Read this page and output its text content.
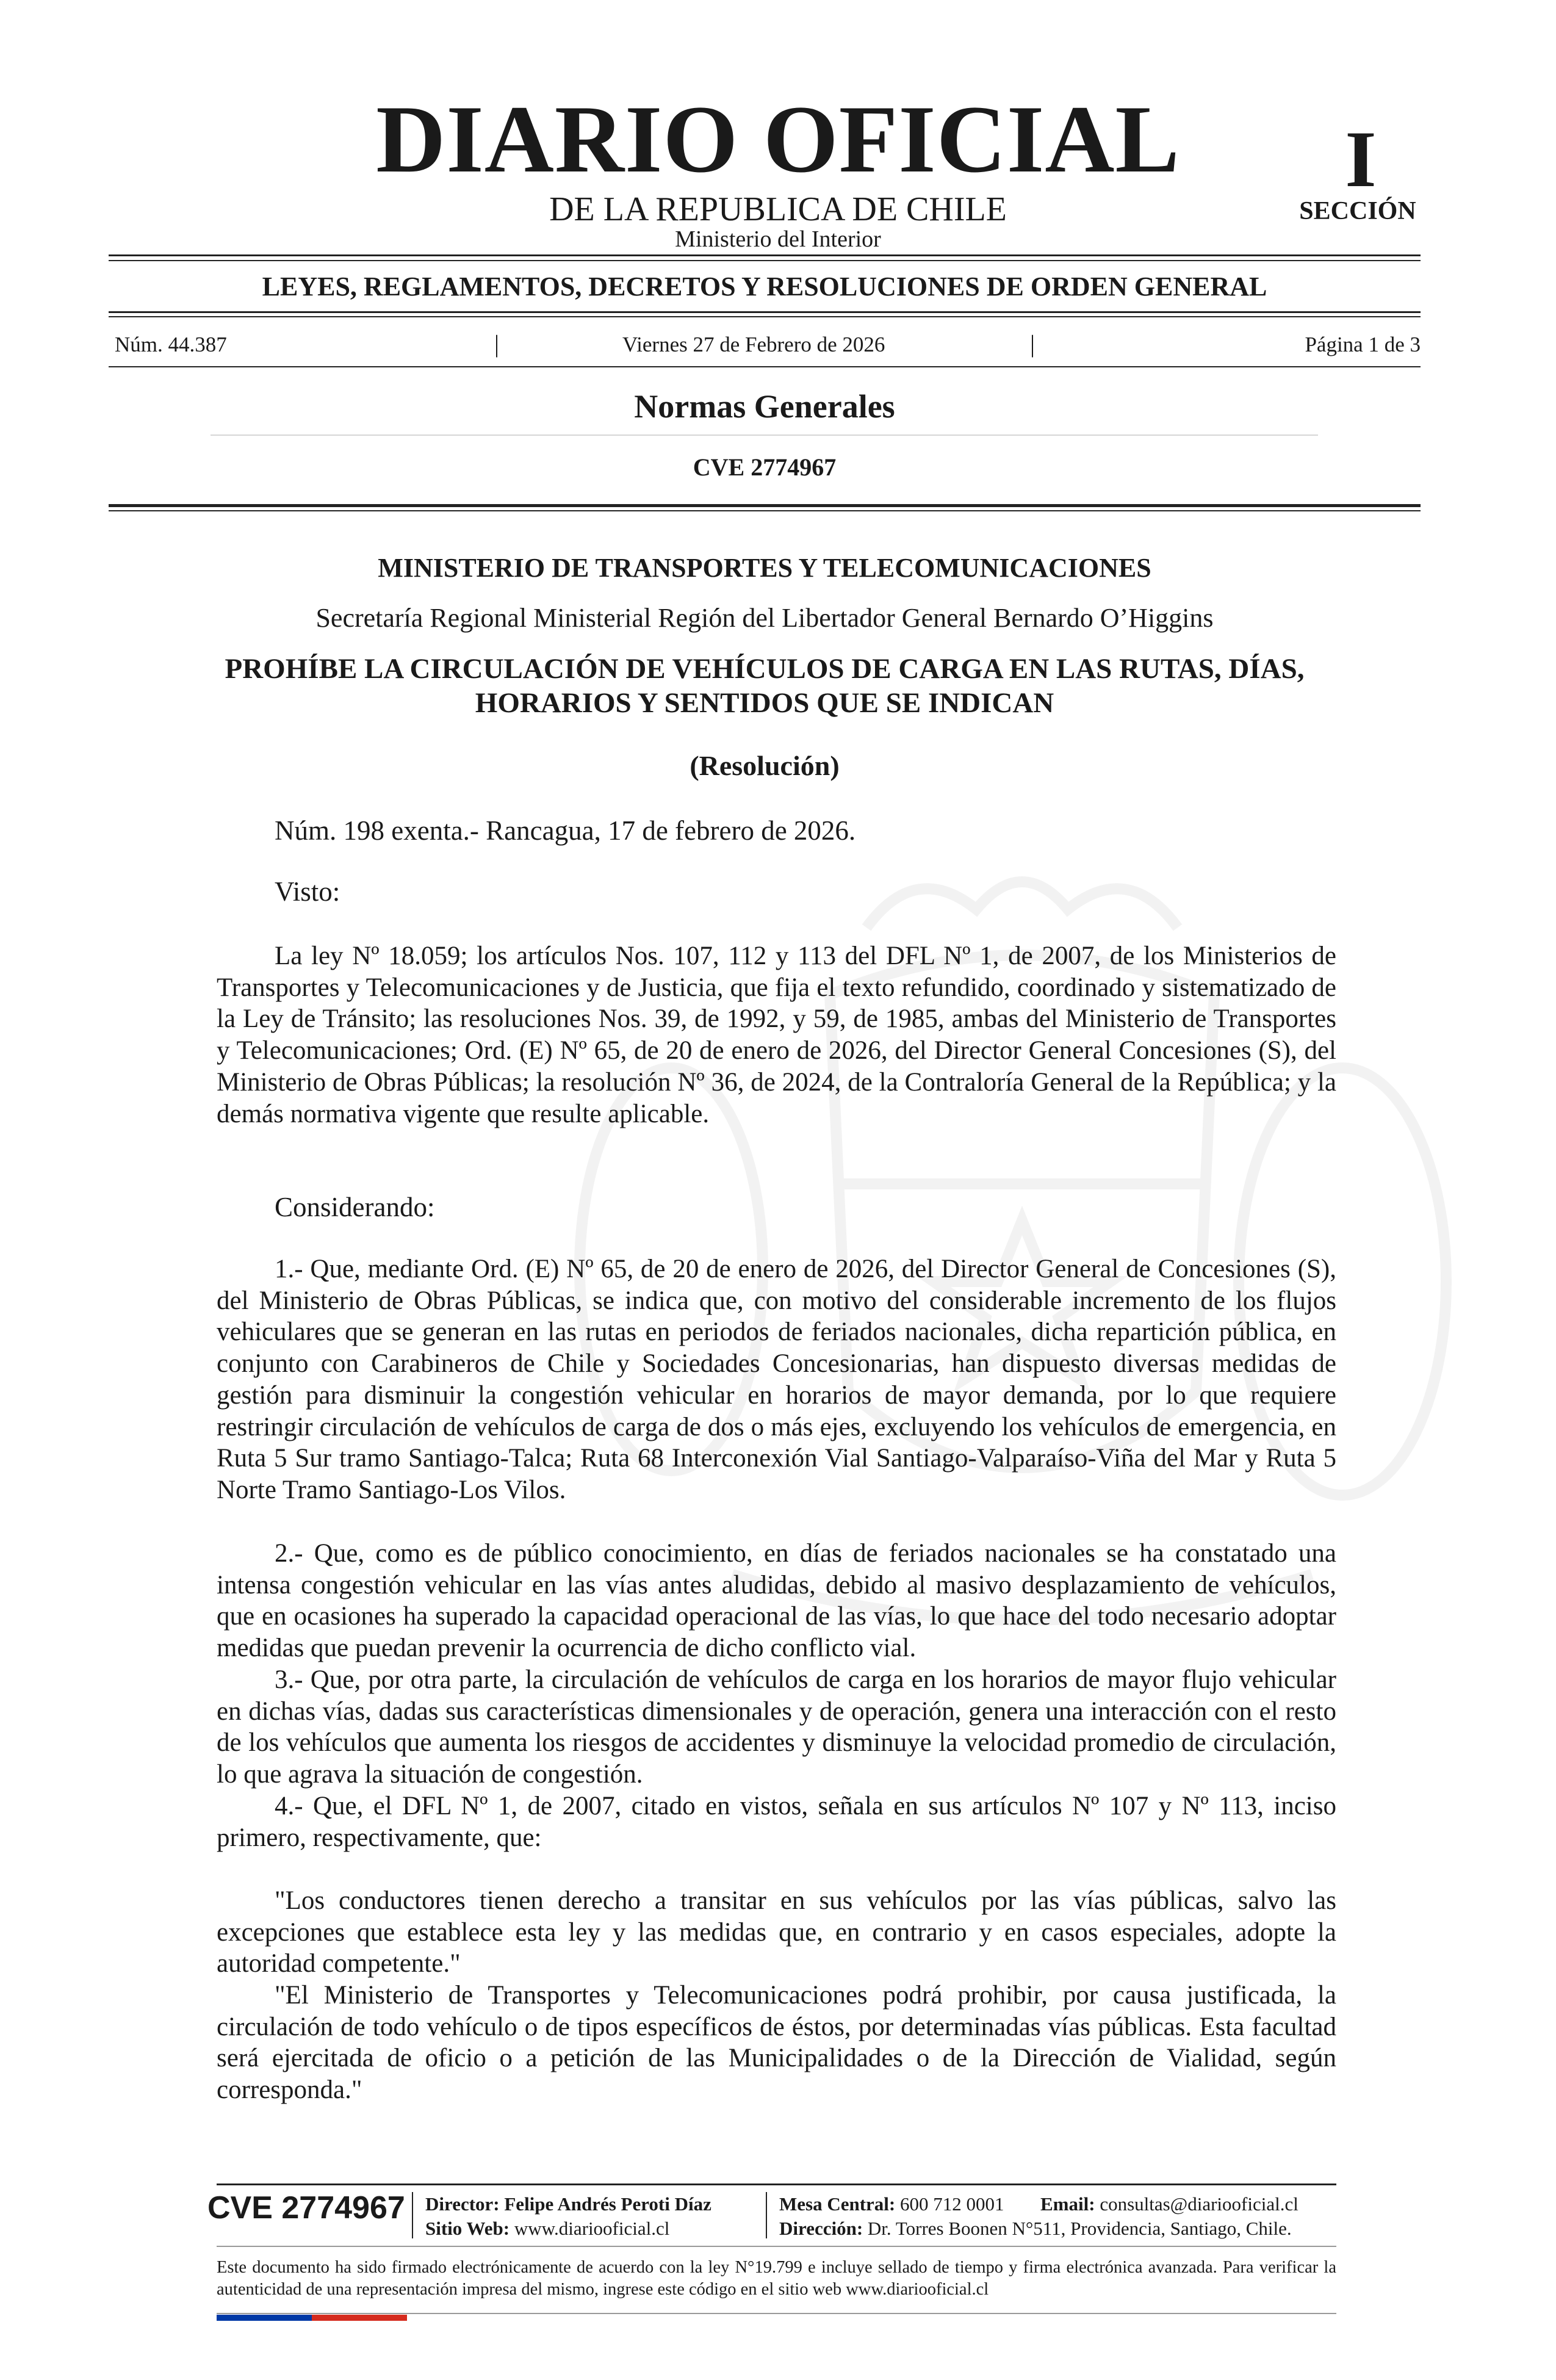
DIARIO OFICIAL
DE LA REPUBLICA DE CHILE
Ministerio del Interior
I
SECCIÓN
LEYES, REGLAMENTOS, DECRETOS Y RESOLUCIONES DE ORDEN GENERAL
Núm. 44.387	|	Viernes 27 de Febrero de 2026	|	Página 1 de 3
Normas Generales
CVE 2774967
MINISTERIO DE TRANSPORTES Y TELECOMUNICACIONES
Secretaría Regional Ministerial Región del Libertador General Bernardo O’Higgins
PROHÍBE LA CIRCULACIÓN DE VEHÍCULOS DE CARGA EN LAS RUTAS, DÍAS,
HORARIOS Y SENTIDOS QUE SE INDICAN
(Resolución)
Núm. 198 exenta.- Rancagua, 17 de febrero de 2026.
Visto:
La ley Nº 18.059; los artículos Nos. 107, 112 y 113 del DFL Nº 1, de 2007, de los Ministerios de Transportes y Telecomunicaciones y de Justicia, que fija el texto refundido, coordinado y sistematizado de la Ley de Tránsito; las resoluciones Nos. 39, de 1992, y 59, de 1985, ambas del Ministerio de Transportes y Telecomunicaciones; Ord. (E) Nº 65, de 20 de enero de 2026, del Director General Concesiones (S), del Ministerio de Obras Públicas; la resolución Nº 36, de 2024, de la Contraloría General de la República; y la demás normativa vigente que resulte aplicable.
Considerando:
1.- Que, mediante Ord. (E) Nº 65, de 20 de enero de 2026, del Director General de Concesiones (S), del Ministerio de Obras Públicas, se indica que, con motivo del considerable incremento de los flujos vehiculares que se generan en las rutas en periodos de feriados nacionales, dicha repartición pública, en conjunto con Carabineros de Chile y Sociedades Concesionarias, han dispuesto diversas medidas de gestión para disminuir la congestión vehicular en horarios de mayor demanda, por lo que requiere restringir circulación de vehículos de carga de dos o más ejes, excluyendo los vehículos de emergencia, en Ruta 5 Sur tramo Santiago-Talca; Ruta 68 Interconexión Vial Santiago-Valparaíso-Viña del Mar y Ruta 5 Norte Tramo Santiago-Los Vilos.
2.- Que, como es de público conocimiento, en días de feriados nacionales se ha constatado una intensa congestión vehicular en las vías antes aludidas, debido al masivo desplazamiento de vehículos, que en ocasiones ha superado la capacidad operacional de las vías, lo que hace del todo necesario adoptar medidas que puedan prevenir la ocurrencia de dicho conflicto vial.
3.- Que, por otra parte, la circulación de vehículos de carga en los horarios de mayor flujo vehicular en dichas vías, dadas sus características dimensionales y de operación, genera una interacción con el resto de los vehículos que aumenta los riesgos de accidentes y disminuye la velocidad promedio de circulación, lo que agrava la situación de congestión.
4.- Que, el DFL Nº 1, de 2007, citado en vistos, señala en sus artículos Nº 107 y Nº 113, inciso primero, respectivamente, que:
"Los conductores tienen derecho a transitar en sus vehículos por las vías públicas, salvo las excepciones que establece esta ley y las medidas que, en contrario y en casos especiales, adopte la autoridad competente."
"El Ministerio de Transportes y Telecomunicaciones podrá prohibir, por causa justificada, la circulación de todo vehículo o de tipos específicos de éstos, por determinadas vías públicas. Esta facultad será ejercitada de oficio o a petición de las Municipalidades o de la Dirección de Vialidad, según corresponda."
CVE 2774967 Director: Felipe Andrés Peroti Díaz
Sitio Web: www.diariooficial.cl
Mesa Central: 600 712 0001 Email: consultas@diariooficial.cl
Dirección: Dr. Torres Boonen N°511, Providencia, Santiago, Chile.
Este documento ha sido firmado electrónicamente de acuerdo con la ley N°19.799 e incluye sellado de tiempo y firma electrónica avanzada. Para verificar la autenticidad de una representación impresa del mismo, ingrese este código en el sitio web www.diariooficial.cl
